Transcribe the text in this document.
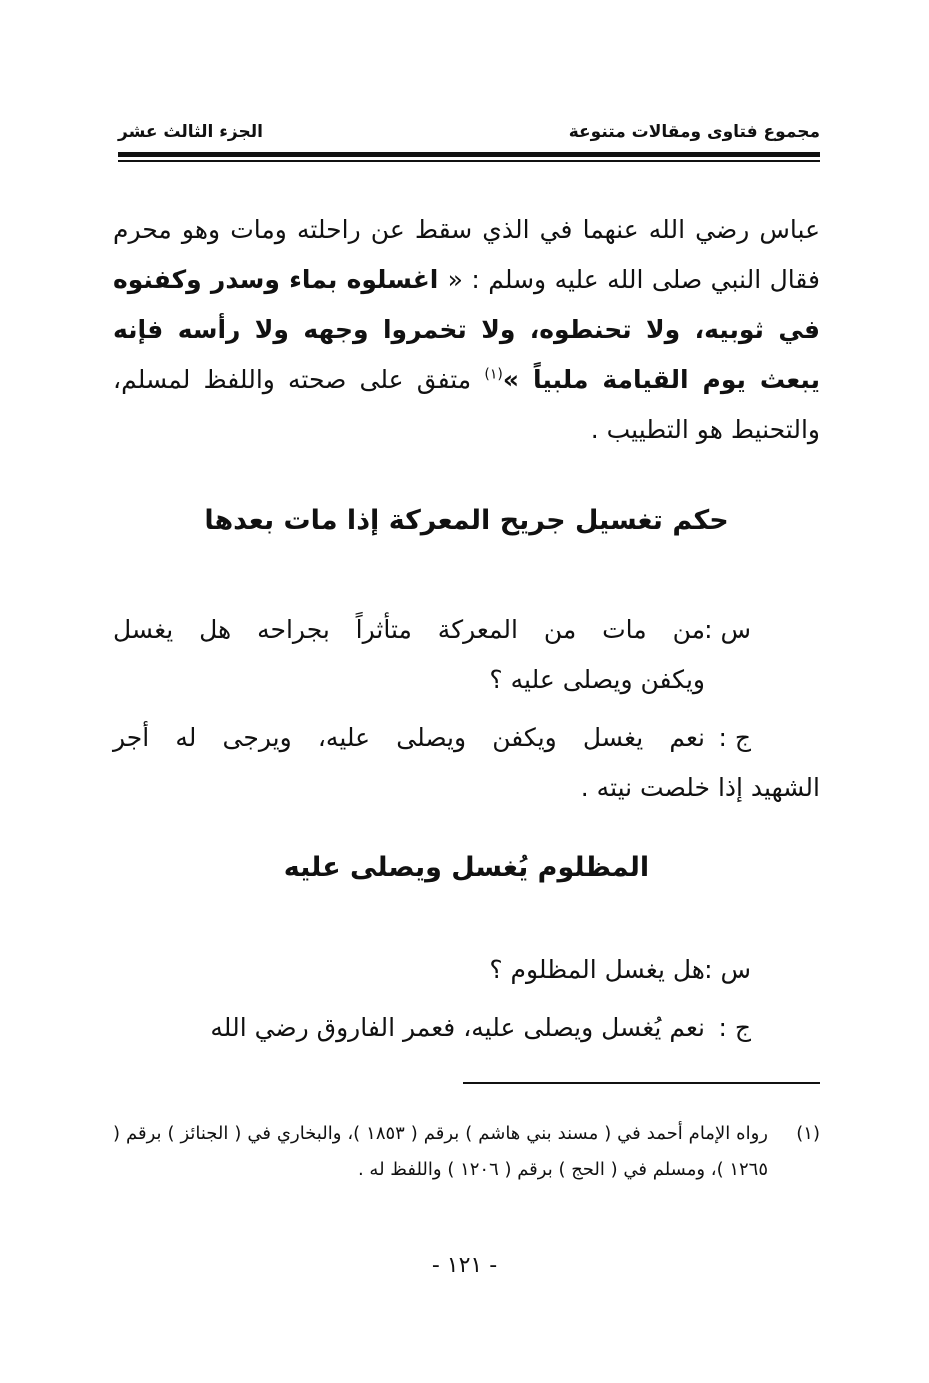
مجموع فتاوى ومقالات متنوعة
الجزء الثالث عشر
عباس رضي الله عنهما في الذي سقط عن راحلته ومات وهو محرم فقال النبي صلى الله عليه وسلم : « اغسلوه بماء وسدر وكفنوه في ثوبيه، ولا تحنطوه، ولا تخمروا وجهه ولا رأسه فإنه يبعث يوم القيامة ملبياً »$^{(١)}$ متفق على صحته واللفظ لمسلم، والتحنيط هو التطييب .
حكم تغسيل جريح المعركة إذا مات بعدها
س :
من مات من المعركة متأثراً بجراحه هل يغسل
ويكفن ويصلى عليه ؟
ج :
نعم يغسل ويكفن ويصلى عليه، ويرجى له أجر
الشهيد إذا خلصت نيته .
المظلوم يُغسل ويصلى عليه
س :
هل يغسل المظلوم ؟
ج :
نعم يُغسل ويصلى عليه، فعمر الفاروق رضي الله
(١)
رواه الإمام أحمد في ( مسند بني هاشم ) برقم ( ١٨٥٣ )، والبخاري في ( الجنائز ) برقم ( ١٢٦٥ )، ومسلم في ( الحج ) برقم ( ١٢٠٦ ) واللفظ له .
- ١٢١ -
